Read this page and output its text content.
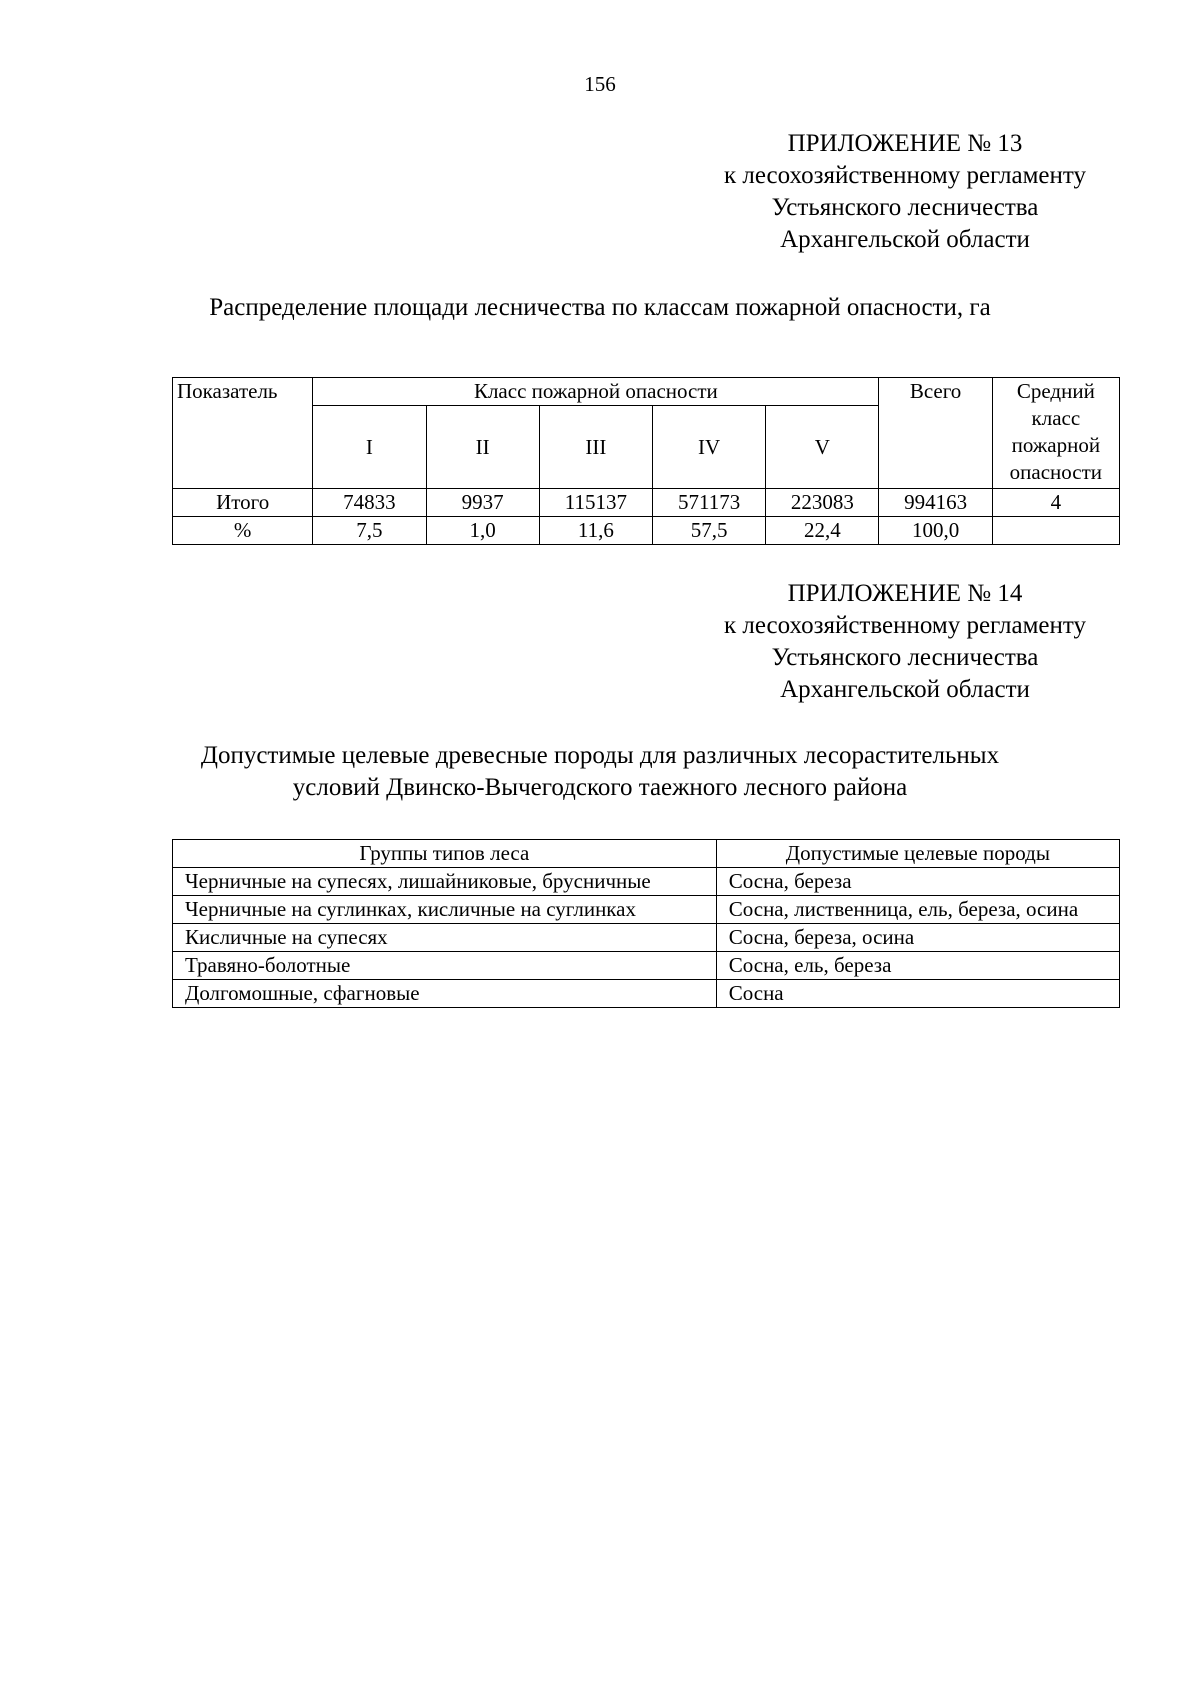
156
ПРИЛОЖЕНИЕ № 13
к лесохозяйственному регламенту
Устьянского лесничества
Архангельской области
Распределение площади лесничества по классам пожарной опасности, га
Показатель	Класс пожарной опасности					Всего	Средний класс пожарной опасности
	I	II	III	IV	V		
Итого	74833	9937	115137	571173	223083	994163	4
%	7,5	1,0	11,6	57,5	22,4	100,0	
ПРИЛОЖЕНИЕ № 14
к лесохозяйственному регламенту
Устьянского лесничества
Архангельской области
Допустимые целевые древесные породы для различных лесорастительных
условий Двинско-Вычегодского таежного лесного района
Группы типов леса	Допустимые целевые породы
Черничные на супесях, лишайниковые, брусничные	Сосна, береза
Черничные на суглинках, кисличные на суглинках	Сосна, лиственница, ель, береза, осина
Кисличные на супесях	Сосна, береза, осина
Травяно-болотные	Сосна, ель, береза
Долгомошные, сфагновые	Сосна
